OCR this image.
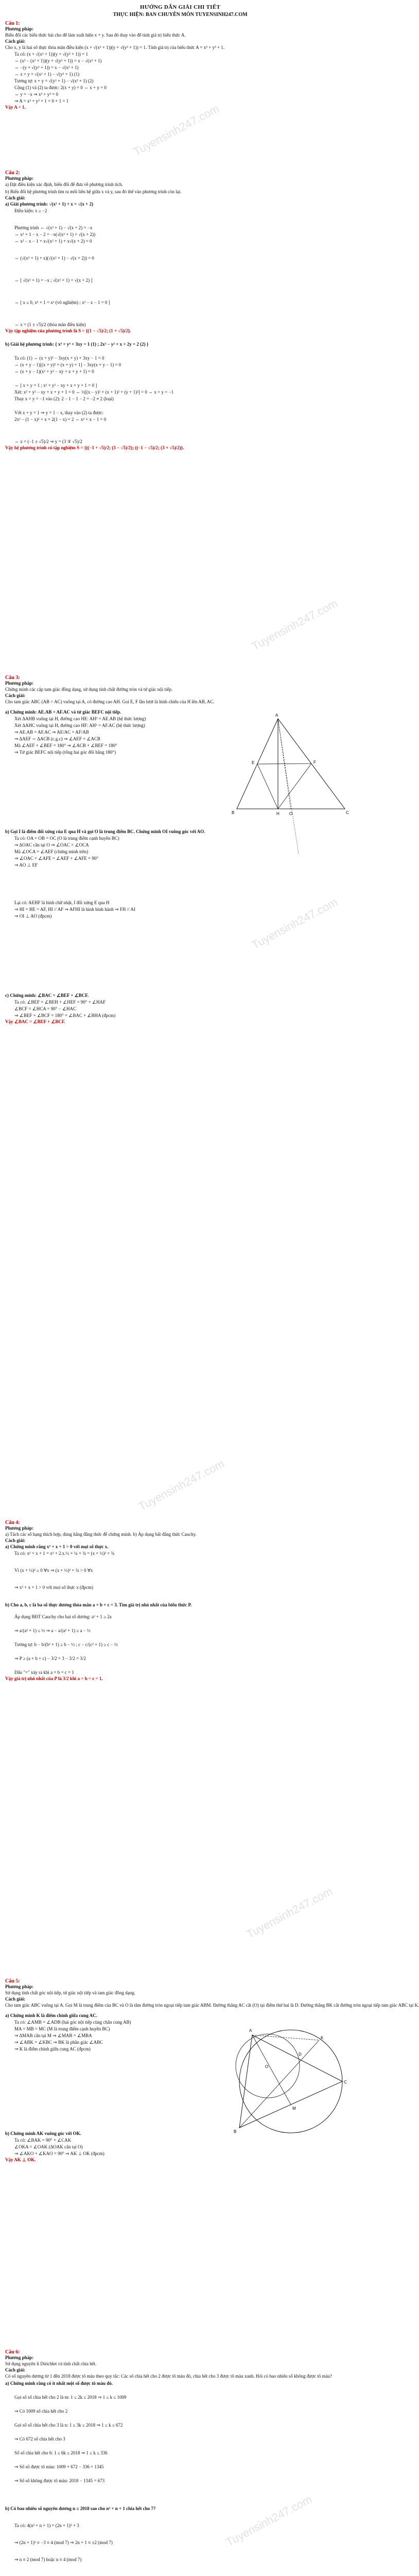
HƯỚNG DẪN GIẢI CHI TIẾT
THỰC HIỆN: BAN CHUYÊN MÔN TUYENSINH247.COM
Tuyensinh247.com
Tuyensinh247.com
Tuyensinh247.com
Tuyensinh247.com
Tuyensinh247.com
Tuyensinh247.com
Câu 1:
Phương pháp:
Biến đổi các biểu thức bài cho để làm xuất hiện x + y. Sau đó thay vào để tính giá trị biểu thức A.
Cách giải:
Cho x, y là hai số thực thỏa mãn điều kiện (x + √(x² + 1))(y + √(y² + 1)) = 1. Tính giá trị của biểu thức A = x³ + y³ + 1.
Ta có: (x + √(x² + 1))(y + √(y² + 1)) = 1
⇔ (x² − (x² + 1))(y + √(y² + 1)) = x − √(x² + 1)
⇔ −(y + √(y² + 1)) = x − √(x² + 1)
⇔ x + y = √(x² + 1) − √(y² + 1) (1)
Tương tự: x + y = √(y² + 1) − √(x² + 1) (2)
Cộng (1) và (2) ta được: 2(x + y) = 0 ⇔ x + y = 0
⇔ y = −x ⇒ x³ + y³ = 0
⇒ A = x³ + y³ + 1 = 0 + 1 = 1
Vậy A = 1.
Câu 2:
Phương pháp:
a) Đặt điều kiện xác định, biến đổi để đưa về phương trình tích.
b) Biến đổi hệ phương trình tìm ra mối liên hệ giữa x và y, sau đó thế vào phương trình còn lại.
Cách giải:
a) Giải phương trình: √(x² + 1) + x = √(x + 2)
Điều kiện: x ≥ −2
Phương trình ⇔ √(x² + 1) − √(x + 2) = −x
⇔ x² + 1 − x − 2 = −x(√(x² + 1) + √(x + 2))
⇔ x² − x − 1 + x√(x² + 1) + x√(x + 2) = 0
⇔ (√(x² + 1) + x)(√(x² + 1) − √(x + 2)) = 0
⇔ [ √(x² + 1) = −x ; √(x² + 1) = √(x + 2) ]
⇔ [ x ≤ 0, x² + 1 = x² (vô nghiệm) ; x² − x − 1 = 0 ]
⇔ x = (1 ± √5)/2 (thỏa mãn điều kiện)
Vậy tập nghiệm của phương trình là S = {(1 − √5)/2; (1 + √5)/2}.
b) Giải hệ phương trình: { x³ + y³ + 3xy = 1 (1) ; 2x² − y² + x + 2y = 2 (2) }
Ta có: (1) ⇔ (x + y)³ − 3xy(x + y) + 3xy − 1 = 0
⇔ (x + y − 1)[(x + y)² + (x + y) + 1] − 3xy(x + y − 1) = 0
⇔ (x + y − 1)(x² + y² − xy + x + y + 1) = 0
⇔ [ x + y = 1 ; x² + y² − xy + x + y + 1 = 0 ]
Xét: x² + y² − xy + x + y + 1 = 0 ⇔ ½[(x − y)² + (x + 1)² + (y + 1)²] = 0 ⇔ x = y = −1
Thay x = y = −1 vào (2): 2 − 1 − 1 − 2 = −2 ≠ 2 (loại)
Với x + y = 1 ⇒ y = 1 − x, thay vào (2) ta được:
2x² − (1 − x)² + x + 2(1 − x) = 2 ⇔ x² + x − 1 = 0
⇔ x = (−1 ± √5)/2 ⇒ y = (3 ∓ √5)/2
Vậy hệ phương trình có tập nghiệm S = {((−1 + √5)/2; (3 − √5)/2); ((−1 − √5)/2; (3 + √5)/2)}.
Câu 3:
Phương pháp:
Chứng minh các cặp tam giác đồng dạng, sử dụng tính chất đường tròn và tứ giác nội tiếp.
Cách giải:
Cho tam giác ABC (AB < AC) vuông tại A, có đường cao AH. Gọi E, F lần lượt là hình chiếu của H lên AB, AC.
A
B	C
H
E	F
O
a) Chứng minh: AE.AB = AF.AC và tứ giác BEFC nội tiếp.
Xét ΔAHB vuông tại H, đường cao HE: AH² = AE.AB (hệ thức lượng)
Xét ΔAHC vuông tại H, đường cao HF: AH² = AF.AC (hệ thức lượng)
⇒ AE.AB = AF.AC ⇒ AE/AC = AF/AB
⇒ ΔAEF ∽ ΔACB (c.g.c) ⇒ ∠AEF = ∠ACB
Mà ∠AEF + ∠BEF = 180° ⇒ ∠ACB + ∠BEF = 180°
⇒ Tứ giác BEFC nội tiếp (tổng hai góc đối bằng 180°)
b) Gọi I là điểm đối xứng của E qua H và gọi O là trung điểm BC. Chứng minh OI vuông góc với AO.
Ta có: OA = OB = OC (O là trung điểm cạnh huyền BC)
⇒ ΔOAC cân tại O ⇒ ∠OAC = ∠OCA
Mà ∠OCA = ∠AEF (chứng minh trên)
⇒ ∠OAC + ∠AFE = ∠AEF + ∠AFE = 90°
⇒ AO ⊥ EF
Lại có: AEHF là hình chữ nhật, I đối xứng E qua H
⇒ HI = HE = AF, HI // AF ⇒ AFHI là hình bình hành ⇒ FH // AI
⇒ OI ⊥ AO (đpcm)
c) Chứng minh: ∠BAC = ∠BEF + ∠BCF.
Ta có: ∠BEF = ∠BEH + ∠HEF = 90° + ∠HAF
∠BCF = ∠HCA = 90° − ∠HAC
⇒ ∠BEF + ∠BCF = 180° = ∠BAC + ∠BHA (đpcm)
Vậy ∠BAC = ∠BEF + ∠BCF.
Câu 4:
Phương pháp:
a) Tách các số hạng thích hợp, dùng hằng đẳng thức để chứng minh. b) Áp dụng bất đẳng thức Cauchy.
Cách giải:
a) Chứng minh rằng x² + x + 1 > 0 với mọi số thực x.
Ta có: x² + x + 1 = x² + 2.x.½ + ¼ + ¾ = (x + ½)² + ¾
Vì (x + ½)² ≥ 0 ∀x ⇒ (x + ½)² + ¾ > 0 ∀x
⇒ x² + x + 1 > 0 với mọi số thực x (đpcm)
b) Cho a, b, c là ba số thực dương thỏa mãn a + b + c = 3. Tìm giá trị nhỏ nhất của biểu thức P.
Áp dụng BĐT Cauchy cho hai số dương: a² + 1 ≥ 2a
⇒ a/(a² + 1) ≤ ½ ⇒ a − a/(a² + 1) ≥ a − ½
Tương tự: b − b/(b² + 1) ≥ b − ½ ; c − c/(c² + 1) ≥ c − ½
⇒ P ≥ (a + b + c) − 3/2 = 3 − 3/2 = 3/2
Dấu "=" xảy ra khi a = b = c = 1
Vậy giá trị nhỏ nhất của P là 3/2 khi a = b = c = 1.
Câu 5:
Phương pháp:
Sử dụng tính chất góc nội tiếp, tứ giác nội tiếp và tam giác đồng dạng.
Cách giải:
Cho tam giác ABC vuông tại A. Gọi M là trung điểm của BC và O là tâm đường tròn ngoại tiếp tam giác ABM. Đường thẳng AC cắt (O) tại điểm thứ hai là D. Đường thẳng BK cắt đường tròn ngoại tiếp tam giác ABC tại K.
A
B
C
M
K
O
D
a) Chứng minh K là điểm chính giữa cung AC.
Ta có: ∠AMB = ∠ADB (hai góc nội tiếp cùng chắn cung AB)
MA = MB = MC (M là trung điểm cạnh huyền BC)
⇒ ΔMAB cân tại M ⇒ ∠MAB = ∠MBA
⇒ ∠ABK = ∠KBC ⇒ BK là phân giác ∠ABC
⇒ K là điểm chính giữa cung AC (đpcm)
b) Chứng minh AK vuông góc với OK.
Ta có: ∠BAK = 90° + ∠CAK
∠OKA = ∠OAK (ΔOAK cân tại O)
⇒ ∠AKO + ∠KAO = 90° ⇒ AK ⊥ OK (đpcm)
Vậy AK ⊥ OK.
Câu 6:
Phương pháp:
Sử dụng nguyên lí Dirichlet và tính chất chia hết.
Cách giải:
Có số nguyên dương từ 1 đến 2018 được tô màu theo quy tắc: Các số chia hết cho 2 được tô màu đỏ, chia hết cho 3 được tô màu xanh. Hỏi có bao nhiêu số không được tô màu?
a) Chứng minh rằng có ít nhất một số được tô màu đỏ.
Gọi số số chia hết cho 2 là m: 1 ≤ 2k ≤ 2018 ⇒ 1 ≤ k ≤ 1009
⇒ Có 1009 số chia hết cho 2
Gọi số số chia hết cho 3 là n: 1 ≤ 3k ≤ 2018 ⇒ 1 ≤ k ≤ 672
⇒ Có 672 số chia hết cho 3
Số số chia hết cho 6: 1 ≤ 6k ≤ 2018 ⇒ 1 ≤ k ≤ 336
⇒ Số số được tô màu: 1009 + 672 − 336 = 1345
⇒ Số số không được tô màu: 2018 − 1345 = 673
b) Có bao nhiêu số nguyên dương n ≤ 2018 sao cho n² + n + 1 chia hết cho 7?
Ta có: 4(n² + n + 1) = (2n + 1)² + 3
⇒ (2n + 1)² ≡ −3 ≡ 4 (mod 7) ⇒ 2n + 1 ≡ ±2 (mod 7)
⇒ n ≡ 2 (mod 7) hoặc n ≡ 4 (mod 7)
